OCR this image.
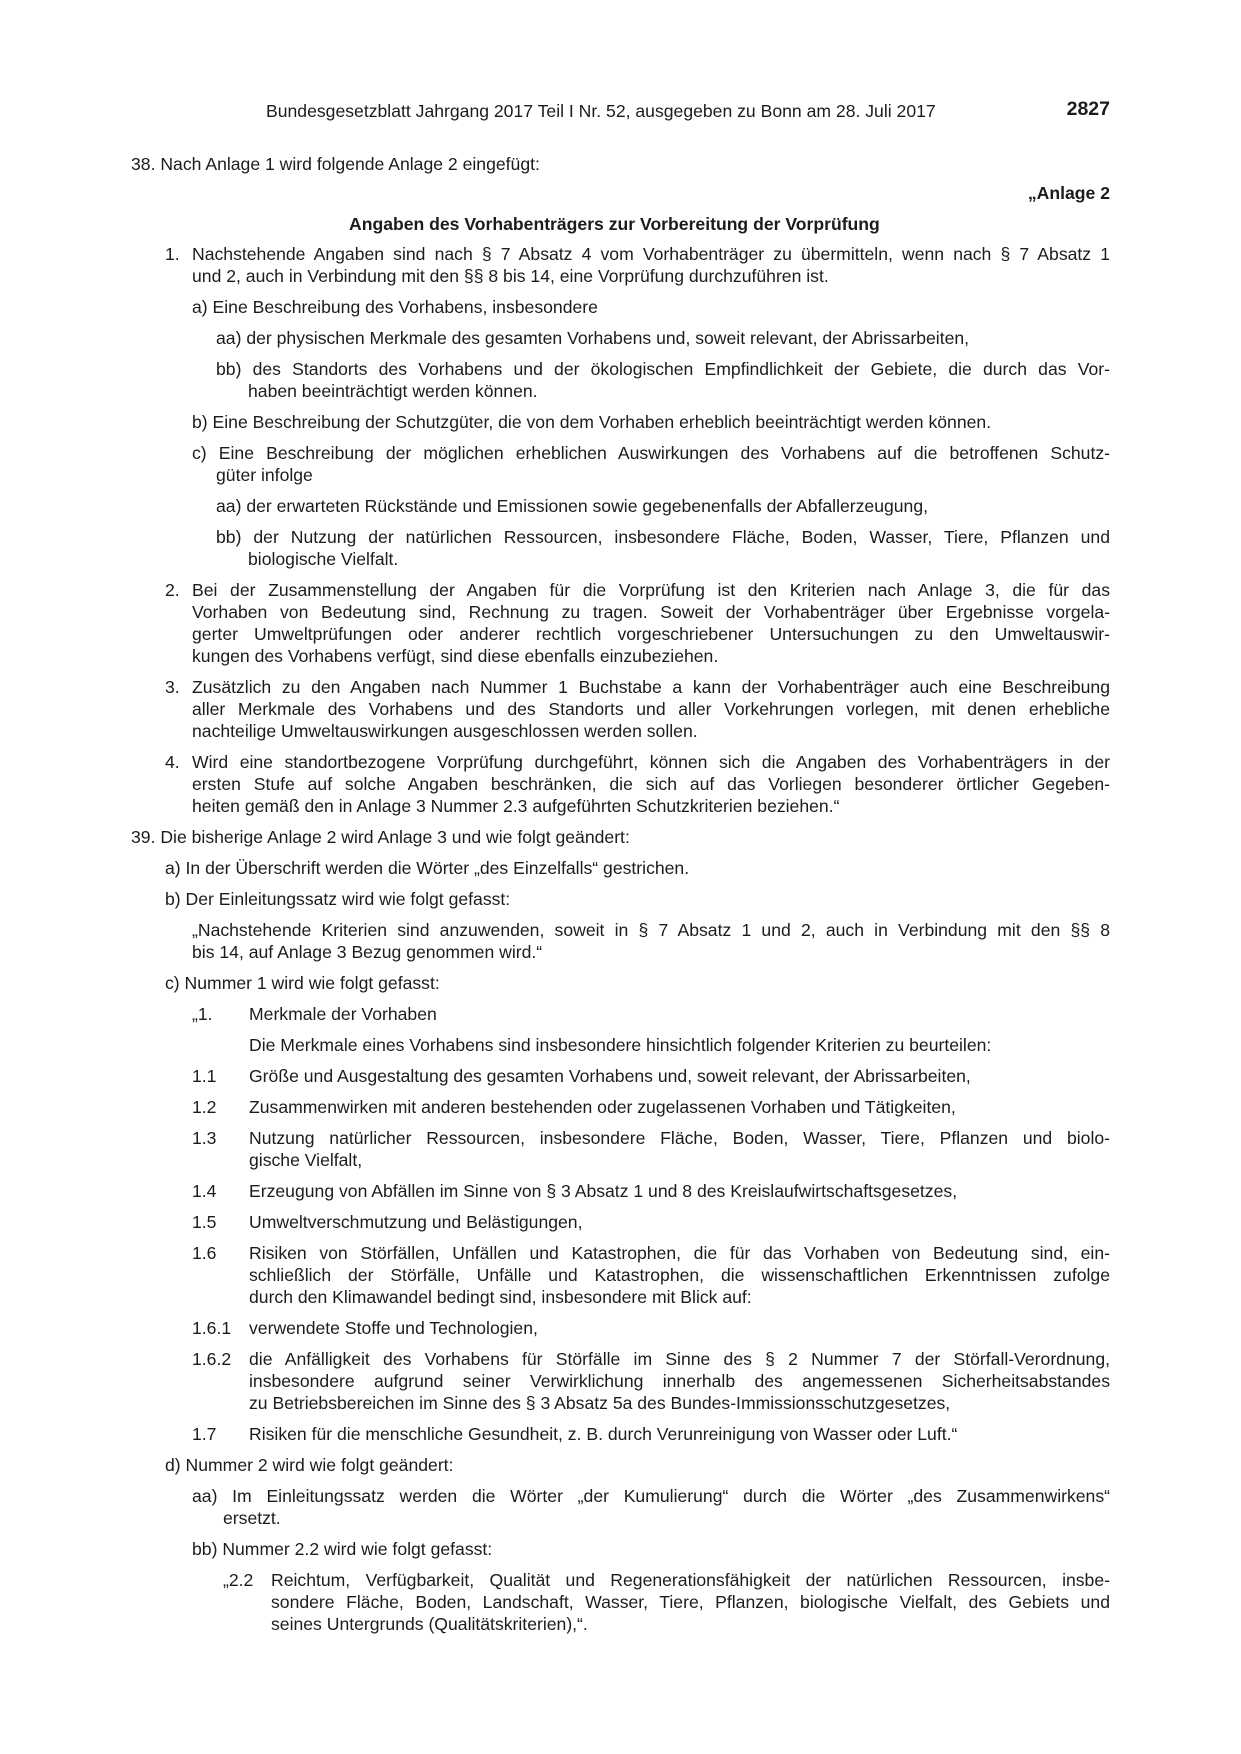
Bundesgesetzblatt Jahrgang 2017 Teil I Nr. 52, ausgegeben zu Bonn am 28. Juli 2017	2827
38. Nach Anlage 1 wird folgende Anlage 2 eingefügt:
„Anlage 2
Angaben des Vorhabenträgers zur Vorbereitung der Vorprüfung
1. Nachstehende Angaben sind nach § 7 Absatz 4 vom Vorhabenträger zu übermitteln, wenn nach § 7 Absatz 1
und 2, auch in Verbindung mit den §§ 8 bis 14, eine Vorprüfung durchzuführen ist.
a) Eine Beschreibung des Vorhabens, insbesondere
aa) der physischen Merkmale des gesamten Vorhabens und, soweit relevant, der Abrissarbeiten,
bb) des Standorts des Vorhabens und der ökologischen Empfindlichkeit der Gebiete, die durch das Vor-
haben beeinträchtigt werden können.
b) Eine Beschreibung der Schutzgüter, die von dem Vorhaben erheblich beeinträchtigt werden können.
c) Eine Beschreibung der möglichen erheblichen Auswirkungen des Vorhabens auf die betroffenen Schutz-
güter infolge
aa) der erwarteten Rückstände und Emissionen sowie gegebenenfalls der Abfallerzeugung,
bb) der Nutzung der natürlichen Ressourcen, insbesondere Fläche, Boden, Wasser, Tiere, Pflanzen und
biologische Vielfalt.
2. Bei der Zusammenstellung der Angaben für die Vorprüfung ist den Kriterien nach Anlage 3, die für das
Vorhaben von Bedeutung sind, Rechnung zu tragen. Soweit der Vorhabenträger über Ergebnisse vorgela-
gerter Umweltprüfungen oder anderer rechtlich vorgeschriebener Untersuchungen zu den Umweltauswir-
kungen des Vorhabens verfügt, sind diese ebenfalls einzubeziehen.
3. Zusätzlich zu den Angaben nach Nummer 1 Buchstabe a kann der Vorhabenträger auch eine Beschreibung
aller Merkmale des Vorhabens und des Standorts und aller Vorkehrungen vorlegen, mit denen erhebliche
nachteilige Umweltauswirkungen ausgeschlossen werden sollen.
4. Wird eine standortbezogene Vorprüfung durchgeführt, können sich die Angaben des Vorhabenträgers in der
ersten Stufe auf solche Angaben beschränken, die sich auf das Vorliegen besonderer örtlicher Gegeben-
heiten gemäß den in Anlage 3 Nummer 2.3 aufgeführten Schutzkriterien beziehen.“
39. Die bisherige Anlage 2 wird Anlage 3 und wie folgt geändert:
a) In der Überschrift werden die Wörter „des Einzelfalls“ gestrichen.
b) Der Einleitungssatz wird wie folgt gefasst:
„Nachstehende Kriterien sind anzuwenden, soweit in § 7 Absatz 1 und 2, auch in Verbindung mit den §§ 8
bis 14, auf Anlage 3 Bezug genommen wird.“
c) Nummer 1 wird wie folgt gefasst:
„1. Merkmale der Vorhaben
Die Merkmale eines Vorhabens sind insbesondere hinsichtlich folgender Kriterien zu beurteilen:
1.1 Größe und Ausgestaltung des gesamten Vorhabens und, soweit relevant, der Abrissarbeiten,
1.2 Zusammenwirken mit anderen bestehenden oder zugelassenen Vorhaben und Tätigkeiten,
1.3 Nutzung natürlicher Ressourcen, insbesondere Fläche, Boden, Wasser, Tiere, Pflanzen und biolo-
gische Vielfalt,
1.4 Erzeugung von Abfällen im Sinne von § 3 Absatz 1 und 8 des Kreislaufwirtschaftsgesetzes,
1.5 Umweltverschmutzung und Belästigungen,
1.6 Risiken von Störfällen, Unfällen und Katastrophen, die für das Vorhaben von Bedeutung sind, ein-
schließlich der Störfälle, Unfälle und Katastrophen, die wissenschaftlichen Erkenntnissen zufolge
durch den Klimawandel bedingt sind, insbesondere mit Blick auf:
1.6.1 verwendete Stoffe und Technologien,
1.6.2 die Anfälligkeit des Vorhabens für Störfälle im Sinne des § 2 Nummer 7 der Störfall-Verordnung,
insbesondere aufgrund seiner Verwirklichung innerhalb des angemessenen Sicherheitsabstandes
zu Betriebsbereichen im Sinne des § 3 Absatz 5a des Bundes-Immissionsschutzgesetzes,
1.7 Risiken für die menschliche Gesundheit, z. B. durch Verunreinigung von Wasser oder Luft.“
d) Nummer 2 wird wie folgt geändert:
aa) Im Einleitungssatz werden die Wörter „der Kumulierung“ durch die Wörter „des Zusammenwirkens“
ersetzt.
bb) Nummer 2.2 wird wie folgt gefasst:
„2.2 Reichtum, Verfügbarkeit, Qualität und Regenerationsfähigkeit der natürlichen Ressourcen, insbe-
sondere Fläche, Boden, Landschaft, Wasser, Tiere, Pflanzen, biologische Vielfalt, des Gebiets und
seines Untergrunds (Qualitätskriterien),“.
